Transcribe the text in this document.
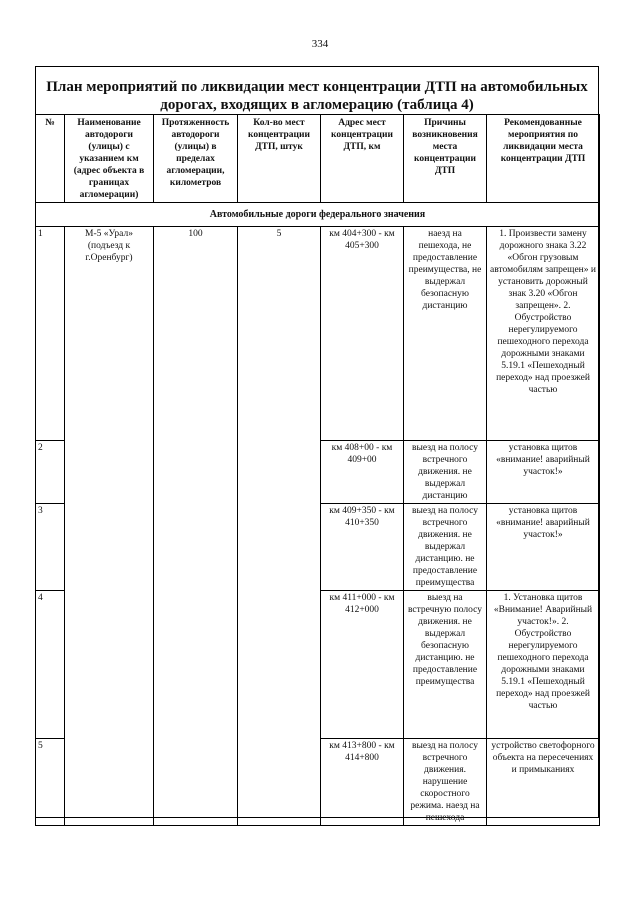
334
План мероприятий по ликвидации мест концентрации ДТП на автомобильных дорогах, входящих в агломерацию (таблица 4)
№	Наименование автодороги (улицы) с указанием км (адрес объекта в границах агломерации)	Протяженность автодороги (улицы) в пределах агломерации, километров	Кол-во мест концентрации ДТП, штук	Адрес мест концентрации ДТП, км	Причины возникновения места концентрации ДТП	Рекомендованные мероприятия по ликвидации места концентрации ДТП
Автомобильные дороги федерального значения						
1	М-5 «Урал» (подъезд к г.Оренбург)	100	5	км 404+300 - км 405+300	наезд на пешехода, не предоставление преимущества, не выдержал безопасную дистанцию	1. Произвести замену дорожного знака 3.22 «Обгон грузовым автомобилям запрещен» и установить дорожный знак 3.20 «Обгон запрещен». 2. Обустройство нерегулируемого пешеходного перехода дорожными знаками 5.19.1 «Пешеходный переход» над проезжей частью
2				км 408+00 - км 409+00	выезд на полосу встречного движения. не выдержал дистанцию	установка щитов «внимание! аварийный участок!»
3				км 409+350 - км 410+350	выезд на полосу встречного движения. не выдержал дистанцию. не предоставление преимущества	установка щитов «внимание! аварийный участок!»
4				км 411+000 - км 412+000	выезд на встречную полосу движения. не выдержал безопасную дистанцию. не предоставление преимущества	1. Установка щитов «Внимание! Аварийный участок!». 2. Обустройство нерегулируемого пешеходного перехода дорожными знаками 5.19.1 «Пешеходный переход» над проезжей частью
5				км 413+800 - км 414+800	выезд на полосу встречного движения. нарушение скоростного режима. наезд на пешехода	устройство светофорного объекта на пересечениях и примыканиях
